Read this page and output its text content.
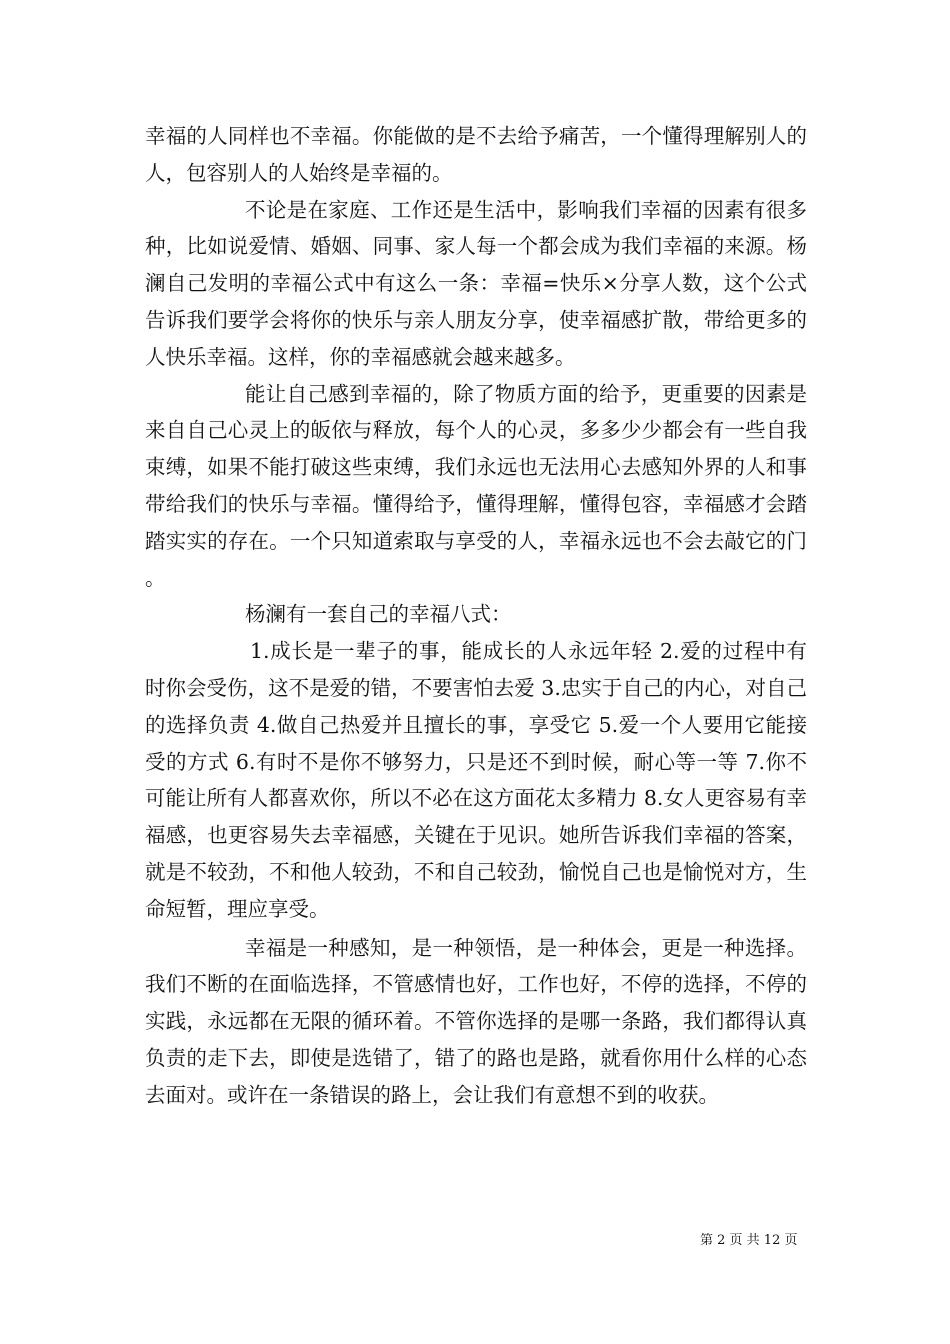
幸福的人同样也不幸福。你能做的是不去给予痛苦，一个懂得理解别人的人，包容别人的人始终是幸福的。

不论是在家庭、工作还是生活中，影响我们幸福的因素有很多种，比如说爱情、婚姻、同事、家人每一个都会成为我们幸福的来源。杨澜自己发明的幸福公式中有这么一条：幸福=快乐×分享人数，这个公式告诉我们要学会将你的快乐与亲人朋友分享，使幸福感扩散，带给更多的人快乐幸福。这样，你的幸福感就会越来越多。

能让自己感到幸福的，除了物质方面的给予，更重要的因素是来自自己心灵上的皈依与释放，每个人的心灵，多多少少都会有一些自我束缚，如果不能打破这些束缚，我们永远也无法用心去感知外界的人和事带给我们的快乐与幸福。懂得给予，懂得理解，懂得包容，幸福感才会踏踏实实的存在。一个只知道索取与享受的人，幸福永远也不会去敲它的门。

杨澜有一套自己的幸福八式：

1.成长是一辈子的事，能成长的人永远年轻 2.爱的过程中有时你会受伤，这不是爱的错，不要害怕去爱 3.忠实于自己的内心，对自己的选择负责 4.做自己热爱并且擅长的事，享受它 5.爱一个人要用它能接受的方式 6.有时不是你不够努力，只是还不到时候，耐心等一等 7.你不可能让所有人都喜欢你，所以不必在这方面花太多精力 8.女人更容易有幸福感，也更容易失去幸福感，关键在于见识。她所告诉我们幸福的答案，就是不较劲，不和他人较劲，不和自己较劲，愉悦自己也是愉悦对方，生命短暂，理应享受。

幸福是一种感知，是一种领悟，是一种体会，更是一种选择。我们不断的在面临选择，不管感情也好，工作也好，不停的选择，不停的实践，永远都在无限的循环着。不管你选择的是哪一条路，我们都得认真负责的走下去，即使是选错了，错了的路也是路，就看你用什么样的心态去面对。或许在一条错误的路上，会让我们有意想不到的收获。

第 2 页 共 12 页
